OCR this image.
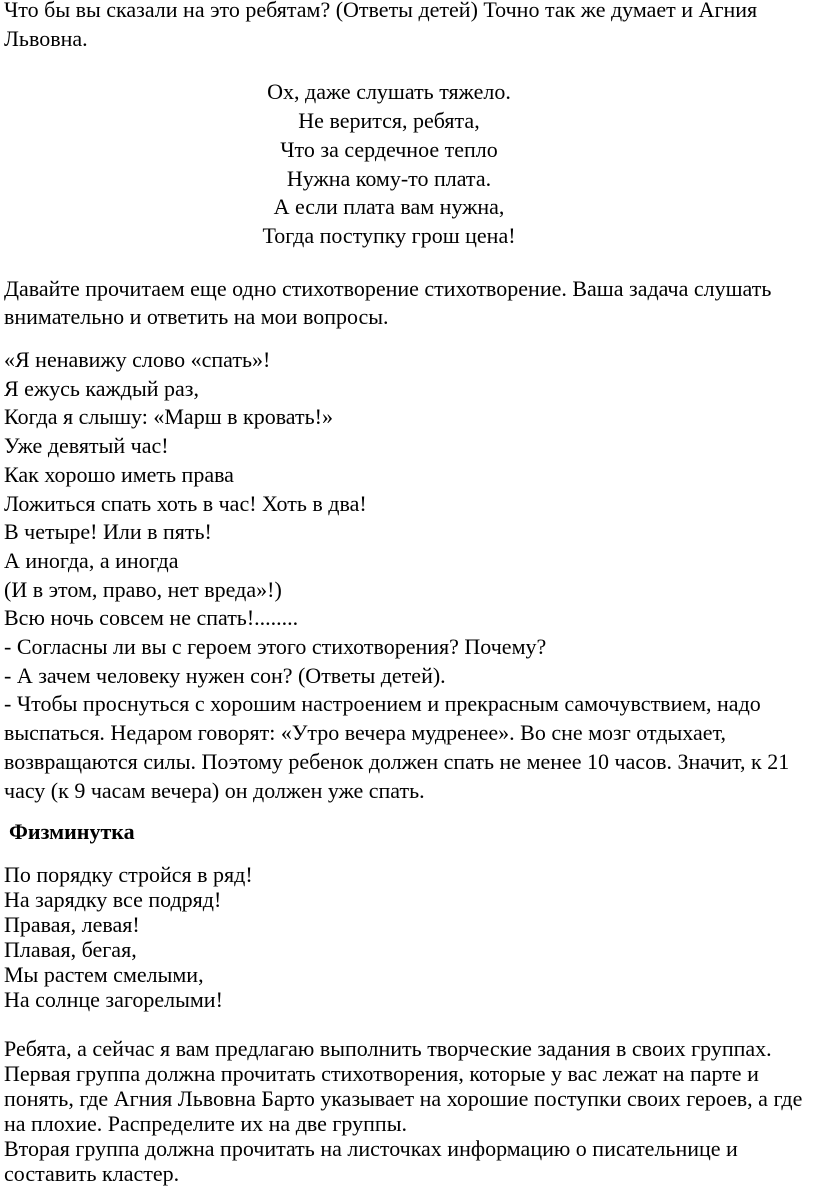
Что бы вы сказали на это ребятам? (Ответы детей) Точно так же думает и Агния
Львовна.
Ох, даже слушать тяжело.
Не верится, ребята,
Что за сердечное тепло
Нужна кому-то плата.
А если плата вам нужна,
Тогда поступку грош цена!
Давайте прочитаем еще одно стихотворение стихотворение. Ваша задача слушать
внимательно и ответить на мои вопросы.
«Я ненавижу слово «спать»!
Я ежусь каждый раз,
Когда я слышу: «Марш в кровать!»
Уже девятый час!
Как хорошо иметь права
Ложиться спать хоть в час! Хоть в два!
В четыре! Или в пять!
А иногда, а иногда
(И в этом, право, нет вреда»!)
Всю ночь совсем не спать!........
- Согласны ли вы с героем этого стихотворения? Почему?
- А зачем человеку нужен сон? (Ответы детей).
- Чтобы проснуться с хорошим настроением и прекрасным самочувствием, надо
выспаться. Недаром говорят: «Утро вечера мудренее». Во сне мозг отдыхает,
возвращаются силы. Поэтому ребенок должен спать не менее 10 часов. Значит, к 21
часу (к 9 часам вечера) он должен уже спать.
Физминутка
По порядку стройся в ряд!
На зарядку все подряд!
Правая, левая!
Плавая, бегая,
Мы растем смелыми,
На солнце загорелыми!
Ребята, а сейчас я вам предлагаю выполнить творческие задания в своих группах.
Первая группа должна прочитать стихотворения, которые у вас лежат на парте и
понять, где Агния Львовна Барто указывает на хорошие поступки своих героев, а где
на плохие. Распределите их на две группы.
Вторая группа должна прочитать на листочках информацию о писательнице и
составить кластер.
